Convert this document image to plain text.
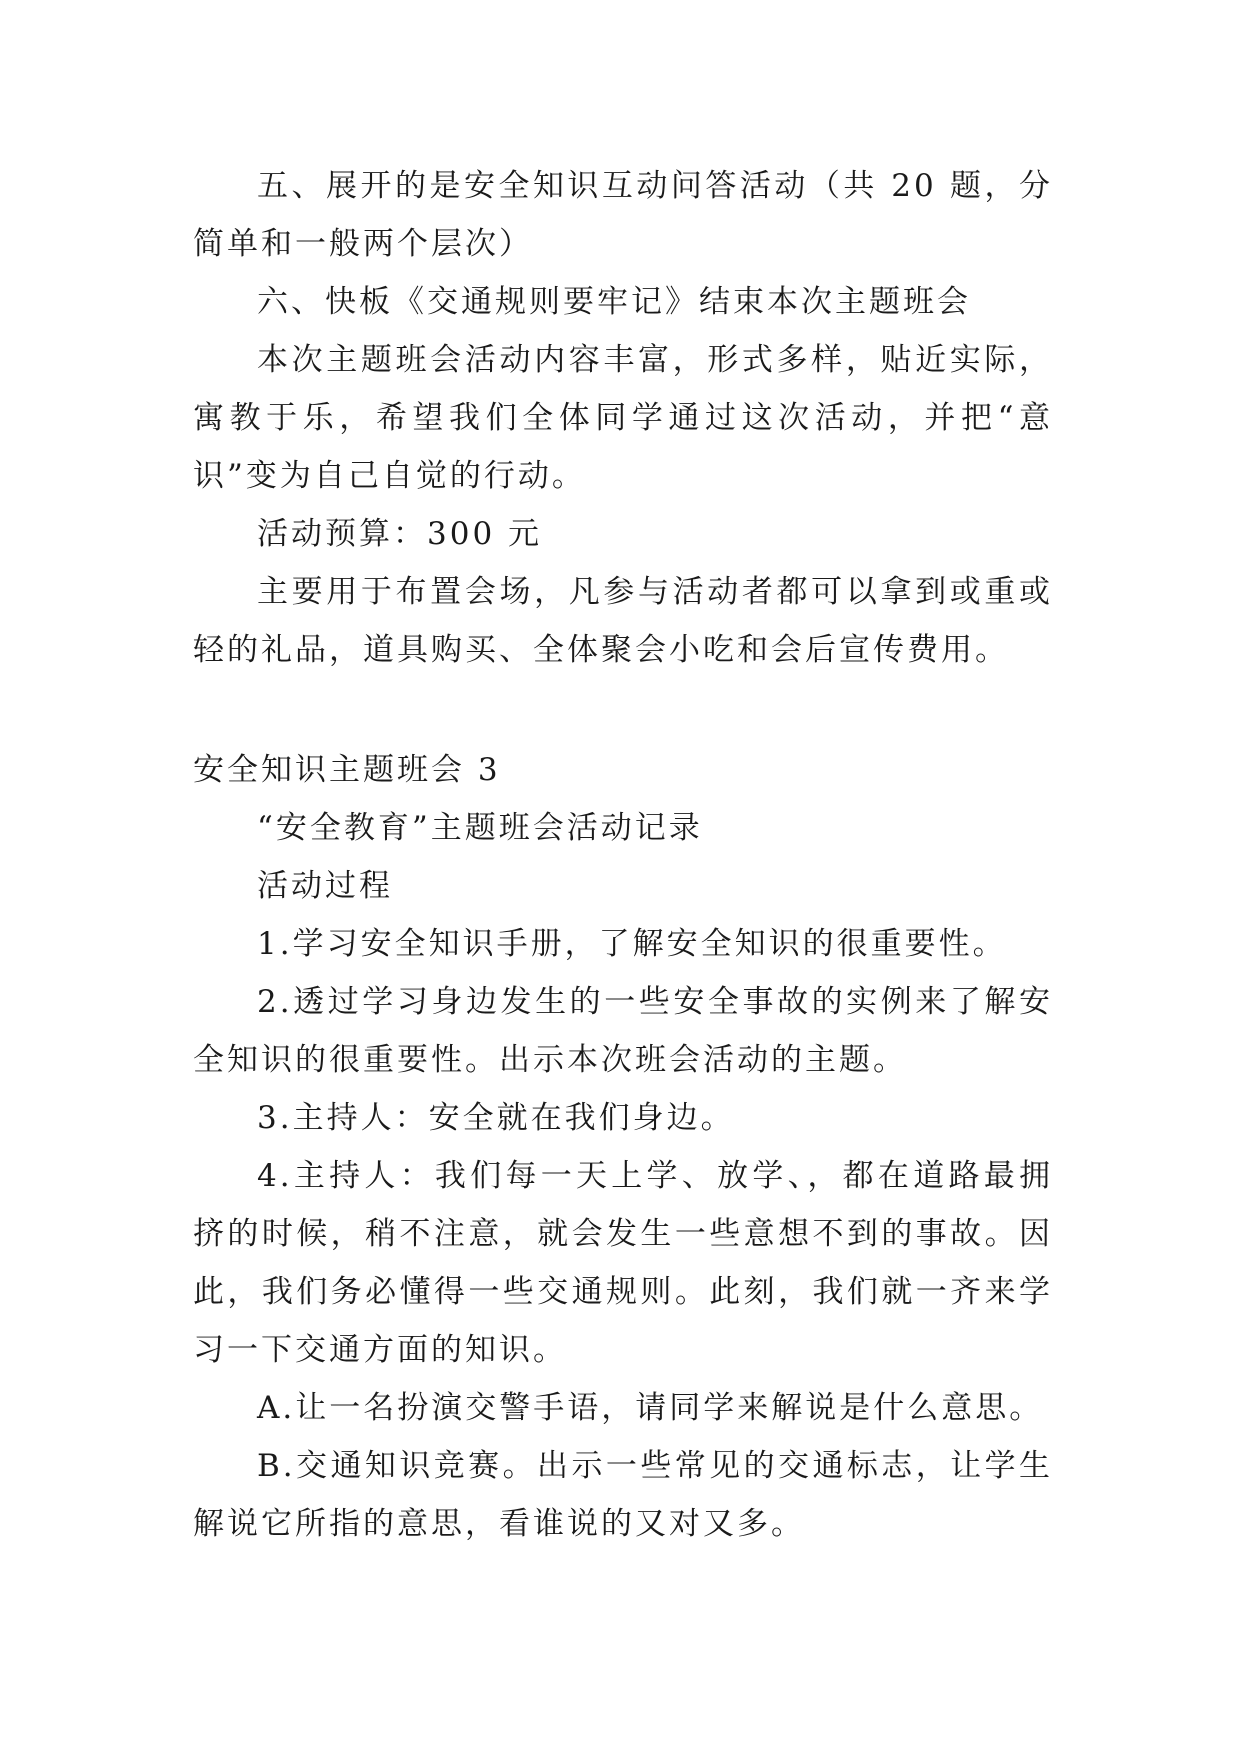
五、展开的是安全知识互动问答活动（共 20 题，分简单和一般两个层次）

六、快板《交通规则要牢记》结束本次主题班会

本次主题班会活动内容丰富，形式多样，贴近实际，寓教于乐，希望我们全体同学通过这次活动，并把“意识”变为自己自觉的行动。

活动预算：300 元

主要用于布置会场，凡参与活动者都可以拿到或重或轻的礼品，道具购买、全体聚会小吃和会后宣传费用。

安全知识主题班会 3

“安全教育”主题班会活动记录

活动过程

1.学习安全知识手册，了解安全知识的很重要性。

2.透过学习身边发生的一些安全事故的实例来了解安全知识的很重要性。出示本次班会活动的主题。

3.主持人：安全就在我们身边。

4.主持人：我们每一天上学、放学、，都在道路最拥挤的时候，稍不注意，就会发生一些意想不到的事故。因此，我们务必懂得一些交通规则。此刻，我们就一齐来学习一下交通方面的知识。

A.让一名扮演交警手语，请同学来解说是什么意思。

B.交通知识竞赛。出示一些常见的交通标志，让学生解说它所指的意思，看谁说的又对又多。
